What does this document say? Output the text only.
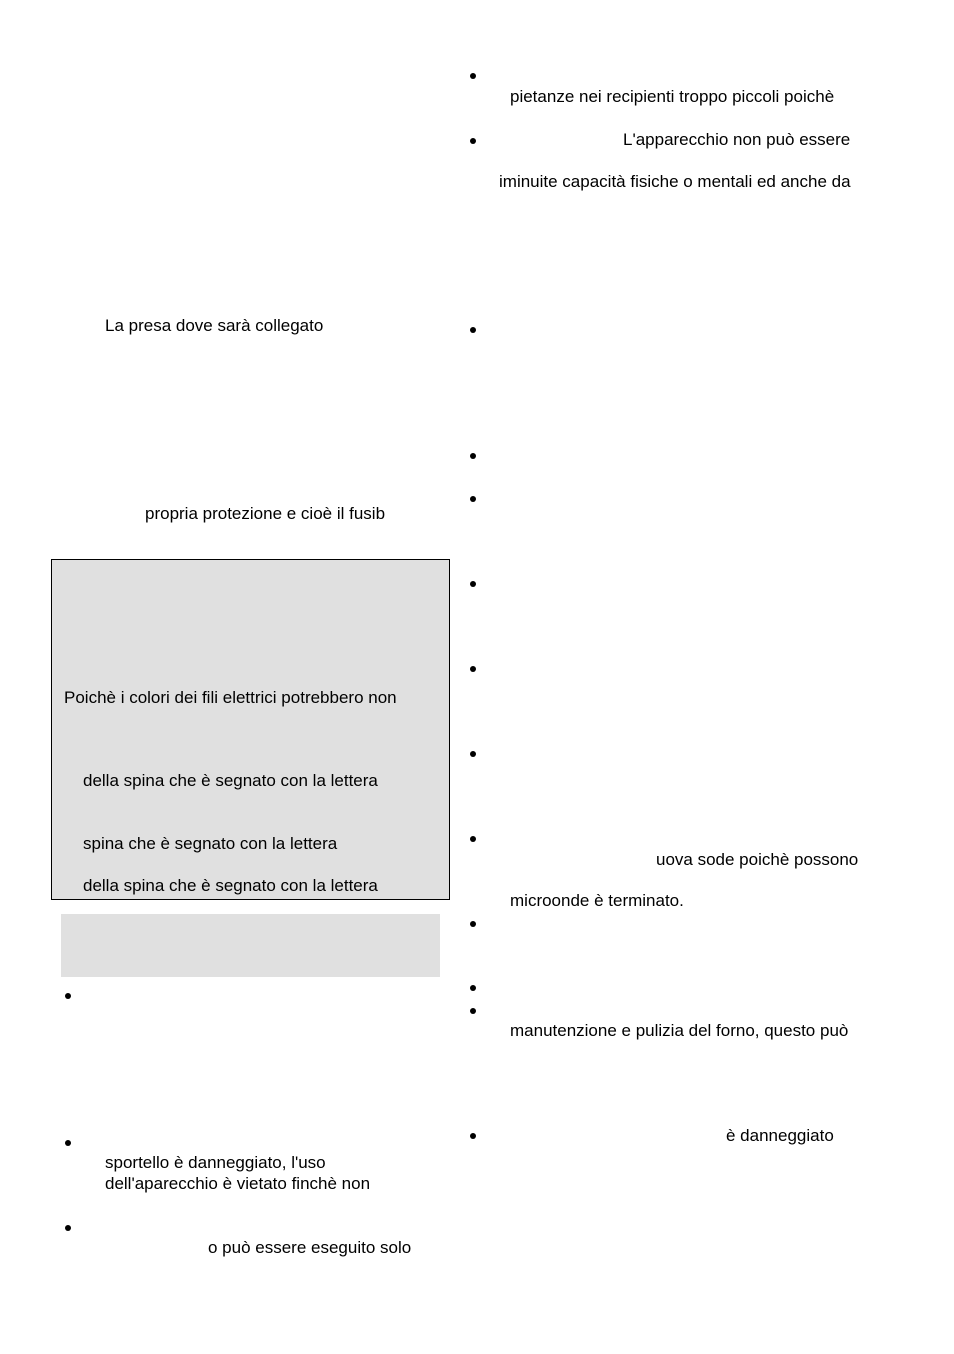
La presa dove sarà collegato
propria protezione e cioè il fusib
Poichè i colori dei fili elettrici potrebbero non
della spina che è segnato con la lettera
spina che è segnato con la lettera
della spina che è segnato con la lettera
sportello è danneggiato, l'uso
dell'aparecchio è vietato finchè non
o può essere eseguito solo
pietanze nei recipienti troppo piccoli poichè
L'apparecchio non può essere
iminuite capacità fisiche o mentali ed anche da
uova sode poichè possono
microonde è terminato.
manutenzione e pulizia del forno, questo può
è danneggiato
